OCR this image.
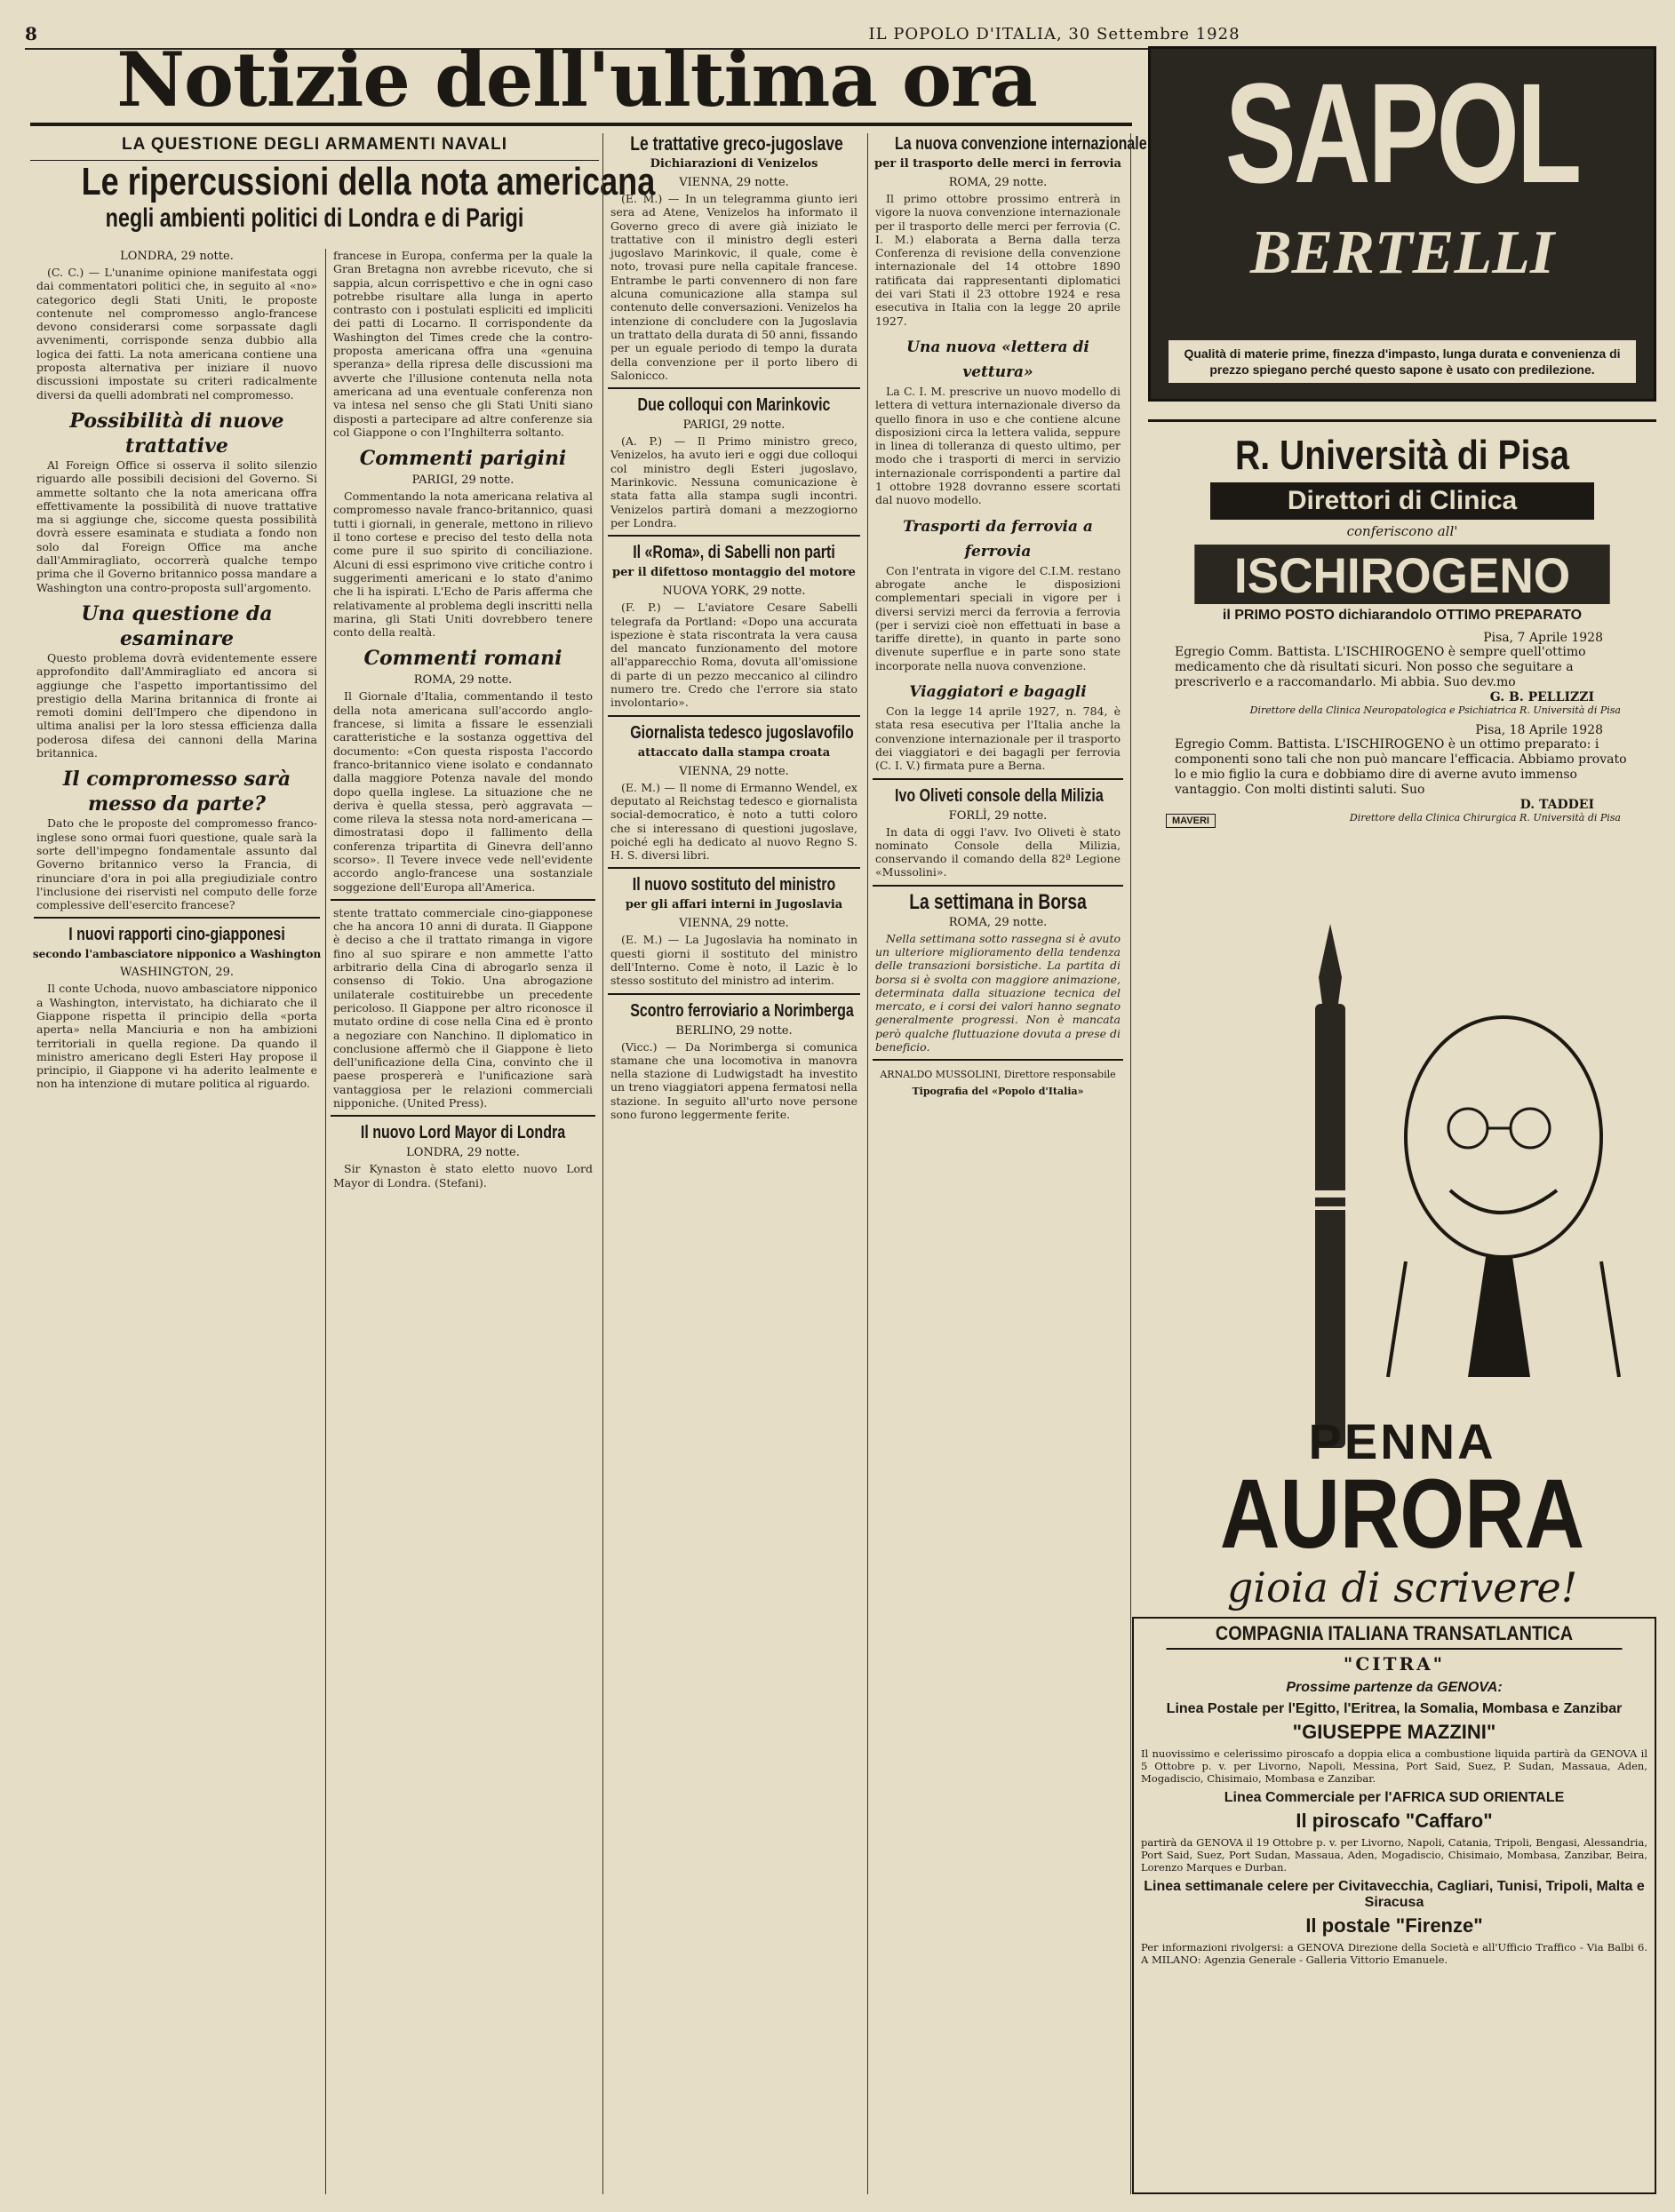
8	IL POPOLO D'ITALIA, 30 Settembre 1928
Notizie dell'ultima ora
LA QUESTIONE DEGLI ARMAMENTI NAVALI
Le ripercussioni della nota americana
negli ambienti politici di Londra e di Parigi
LONDRA, 29 notte.

(C. C.) — L'unanime opinione manifestata oggi dai commentatori politici che, in seguito al «no» categorico degli Stati Uniti, le proposte contenute nel compromesso anglo-francese devono considerarsi come sorpassate dagli avvenimenti, corrisponde senza dubbio alla logica dei fatti. La nota americana contiene una proposta alternativa per iniziare il nuovo discussioni impostate su criteri radicalmente diversi da quelli adombrati nel compromesso.

Possibilità di nuove trattative

Al Foreign Office si osserva il solito silenzio riguardo alle possibili decisioni del Governo. Si ammette soltanto che la nota americana offra effettivamente la possibilità di nuove trattative ma si aggiunge che, siccome questa possibilità dovrà essere esaminata e studiata a fondo non solo dal Foreign Office ma anche dall'Ammiragliato, occorrerà qualche tempo prima che il Governo britannico possa mandare a Washington una contro-proposta sull'argomento.

Una questione da esaminare

Questo problema dovrà evidentemente essere approfondito dall'Ammiragliato ed ancora si aggiunge che l'aspetto importantissimo del prestigio della Marina britannica di fronte ai remoti domini dell'Impero che dipendono in ultima analisi per la loro stessa efficienza dalla poderosa difesa dei cannoni della Marina britannica.

Il compromesso sarà messo da parte?

Dato che le proposte del compromesso franco-inglese sono ormai fuori questione, quale sarà la sorte dell'impegno fondamentale assunto dal Governo britannico verso la Francia, di rinunciare d'ora in poi alla pregiudiziale contro l'inclusione dei riservisti nel computo delle forze complessive dell'esercito francese?

I nuovi rapporti cino-giapponesi
secondo l'ambasciatore nipponico a Washington
WASHINGTON, 29.

Il conte Uchoda, nuovo ambasciatore nipponico a Washington, intervistato, ha dichiarato che il Giappone rispetta il principio della «porta aperta» nella Manciuria e non ha ambizioni territoriali in quella regione. Da quando il ministro americano degli Esteri Hay propose il principio, il Giappone vi ha aderito lealmente e non ha intenzione di mutare politica al riguardo.

francese in Europa, conferma per la quale la Gran Bretagna non avrebbe ricevuto, che si sappia, alcun corrispettivo e che in ogni caso potrebbe risultare alla lunga in aperto contrasto con i postulati espliciti ed impliciti dei patti di Locarno. Il corrispondente da Washington del Times crede che la contro-proposta americana offra una «genuina speranza» della ripresa delle discussioni ma avverte che l'illusione contenuta nella nota americana ad una eventuale conferenza non va intesa nel senso che gli Stati Uniti siano disposti a partecipare ad altre conferenze sia col Giappone o con l'Inghilterra soltanto.

Commenti parigini
PARIGI, 29 notte.

Commentando la nota americana relativa al compromesso navale franco-britannico, quasi tutti i giornali, in generale, mettono in rilievo il tono cortese e preciso del testo della nota come pure il suo spirito di conciliazione. Alcuni di essi esprimono vive critiche contro i suggerimenti americani e lo stato d'animo che li ha ispirati. L'Echo de Paris afferma che relativamente al problema degli inscritti nella marina, gli Stati Uniti dovrebbero tenere conto della realtà.

Commenti romani
ROMA, 29 notte.

Il Giornale d'Italia, commentando il testo della nota americana sull'accordo anglo-francese, si limita a fissare le essenziali caratteristiche e la sostanza oggettiva del documento: «Con questa risposta l'accordo franco-britannico viene isolato e condannato dalla maggiore Potenza navale del mondo dopo quella inglese. La situazione che ne deriva è quella stessa, però aggravata — come rileva la stessa nota nord-americana — dimostratasi dopo il fallimento della conferenza tripartita di Ginevra dell'anno scorso». Il Tevere invece vede nell'evidente accordo anglo-francese una sostanziale soggezione dell'Europa all'America.

stente trattato commerciale cino-giapponese che ha ancora 10 anni di durata. Il Giappone è deciso a che il trattato rimanga in vigore fino al suo spirare e non ammette l'atto arbitrario della Cina di abrogarlo senza il consenso di Tokio. Una abrogazione unilaterale costituirebbe un precedente pericoloso. Il Giappone per altro riconosce il mutato ordine di cose nella Cina ed è pronto a negoziare con Nanchino. Il diplomatico in conclusione affermò che il Giappone è lieto dell'unificazione della Cina, convinto che il paese prospererà e l'unificazione sarà vantaggiosa per le relazioni commerciali nipponiche. (United Press).

Il nuovo Lord Mayor di Londra
LONDRA, 29 notte.

Sir Kynaston è stato eletto nuovo Lord Mayor di Londra. (Stefani).

Le trattative greco-jugoslave
Dichiarazioni di Venizelos
VIENNA, 29 notte.

(E. M.) — In un telegramma giunto ieri sera ad Atene, Venizelos ha informato il Governo greco di avere già iniziato le trattative con il ministro degli esteri jugoslavo Marinkovic, il quale, come è noto, trovasi pure nella capitale francese. Entrambe le parti convennero di non fare alcuna comunicazione alla stampa sul contenuto delle conversazioni. Venizelos ha intenzione di concludere con la Jugoslavia un trattato della durata di 50 anni, fissando per un eguale periodo di tempo la durata della convenzione per il porto libero di Salonicco.

Due colloqui con Marinkovic
PARIGI, 29 notte.

(A. P.) — Il Primo ministro greco, Venizelos, ha avuto ieri e oggi due colloqui col ministro degli Esteri jugoslavo, Marinkovic. Nessuna comunicazione è stata fatta alla stampa sugli incontri. Venizelos partirà domani a mezzogiorno per Londra.

Il «Roma», di Sabelli non parti
per il difettoso montaggio del motore
NUOVA YORK, 29 notte.

(F. P.) — L'aviatore Cesare Sabelli telegrafa da Portland: «Dopo una accurata ispezione è stata riscontrata la vera causa del mancato funzionamento del motore all'apparecchio Roma, dovuta all'omissione di parte di un pezzo meccanico al cilindro numero tre. Credo che l'errore sia stato involontario».

Giornalista tedesco jugoslavofilo
attaccato dalla stampa croata
VIENNA, 29 notte.

(E. M.) — Il nome di Ermanno Wendel, ex deputato al Reichstag tedesco e giornalista social-democratico, è noto a tutti coloro che si interessano di questioni jugoslave, poiché egli ha dedicato al nuovo Regno S. H. S. diversi libri.

Il nuovo sostituto del ministro
per gli affari interni in Jugoslavia
VIENNA, 29 notte.

(E. M.) — La Jugoslavia ha nominato in questi giorni il sostituto del ministro dell'Interno. Come è noto, il Lazic è lo stesso sostituto del ministro ad interim.

Scontro ferroviario a Norimberga
BERLINO, 29 notte.

(Vicc.) — Da Norimberga si comunica stamane che una locomotiva in manovra nella stazione di Ludwigstadt ha investito un treno viaggiatori appena fermatosi nella stazione. In seguito all'urto nove persone sono furono leggermente ferite.

La nuova convenzione internazionale
per il trasporto delle merci in ferrovia
ROMA, 29 notte.

Il primo ottobre prossimo entrerà in vigore la nuova convenzione internazionale per il trasporto delle merci per ferrovia (C. I. M.) elaborata a Berna dalla terza Conferenza di revisione della convenzione internazionale del 14 ottobre 1890 ratificata dai rappresentanti diplomatici dei vari Stati il 23 ottobre 1924 e resa esecutiva in Italia con la legge 20 aprile 1927.

Una nuova «lettera di vettura»

La C. I. M. prescrive un nuovo modello di lettera di vettura internazionale diverso da quello finora in uso e che contiene alcune disposizioni circa la lettera valida, seppure in linea di tolleranza di questo ultimo, per modo che i trasporti di merci in servizio internazionale corrispondenti a partire dal 1 ottobre 1928 dovranno essere scortati dal nuovo modello.

Trasporti da ferrovia a ferrovia

Con l'entrata in vigore del C.I.M. restano abrogate anche le disposizioni complementari speciali in vigore per i diversi servizi merci da ferrovia a ferrovia (per i servizi cioè non effettuati in base a tariffe dirette), in quanto in parte sono divenute superflue e in parte sono state incorporate nella nuova convenzione.

Viaggiatori e bagagli

Con la legge 14 aprile 1927, n. 784, è stata resa esecutiva per l'Italia anche la convenzione internazionale per il trasporto dei viaggiatori e dei bagagli per ferrovia (C. I. V.) firmata pure a Berna.

Ivo Oliveti console della Milizia
FORLÌ, 29 notte.

In data di oggi l'avv. Ivo Oliveti è stato nominato Console della Milizia, conservando il comando della 82ª Legione «Mussolini».

La settimana in Borsa
ROMA, 29 notte.

Nella settimana sotto rassegna si è avuto un ulteriore miglioramento della tendenza delle transazioni borsistiche. La partita di borsa si è svolta con maggiore animazione, determinata dalla situazione tecnica del mercato, e i corsi dei valori hanno segnato generalmente progressi. Non è mancata però qualche fluttuazione dovuta a prese di beneficio.

ARNALDO MUSSOLINI, Direttore responsabile
Tipografia del «Popolo d'Italia»
SAPOL
BERTELLI
Qualità di materie prime, finezza d'impasto, lunga durata e convenienza di prezzo spiegano perché questo sapone è usato con predilezione.
R. Università di Pisa
Direttori di Clinica
conferiscono all'
ISCHIROGENO
il PRIMO POSTO dichiarandolo OTTIMO PREPARATO
Pisa, 7 Aprile 1928

Egregio Comm. Battista. L'ISCHIROGENO è sempre quell'ottimo medicamento che dà risultati sicuri. Non posso che seguitare a prescriverlo e a raccomandarlo. Mi abbia. Suo dev.mo

G. B. PELLIZZI
Direttore della Clinica Neuropatologica e Psichiatrica R. Università di Pisa
Pisa, 18 Aprile 1928

Egregio Comm. Battista. L'ISCHIROGENO è un ottimo preparato: i componenti sono tali che non può mancare l'efficacia. Abbiamo provato lo e mio figlio la cura e dobbiamo dire di averne avuto immenso vantaggio. Con molti distinti saluti. Suo

D. TADDEI
Direttore della Clinica Chirurgica R. Università di Pisa
MAVERI
PENNA
AURORA
gioia di scrivere!
COMPAGNIA ITALIANA TRANSATLANTICA
"CITRA"
Prossime partenze da GENOVA:
Linea Postale per l'Egitto, l'Eritrea, la Somalia, Mombasa e Zanzibar
"GIUSEPPE MAZZINI"

Il nuovissimo e celerissimo piroscafo a doppia elica a combustione liquida partirà da GENOVA il 5 Ottobre p. v. per Livorno, Napoli, Messina, Port Said, Suez, P. Sudan, Massaua, Aden, Mogadiscio, Chisimaio, Mombasa e Zanzibar.

Linea Commerciale per l'AFRICA SUD ORIENTALE
Il piroscafo "Caffaro"

partirà da GENOVA il 19 Ottobre p. v. per Livorno, Napoli, Catania, Tripoli, Bengasi, Alessandria, Port Said, Suez, Port Sudan, Massaua, Aden, Mogadiscio, Chisimaio, Mombasa, Zanzibar, Beira, Lorenzo Marques e Durban.

Linea settimanale celere per Civitavecchia, Cagliari, Tunisi, Tripoli, Malta e Siracusa
Il postale "Firenze"

Per informazioni rivolgersi: a GENOVA Direzione della Società e all'Ufficio Traffico - Via Balbi 6. A MILANO: Agenzia Generale - Galleria Vittorio Emanuele.
